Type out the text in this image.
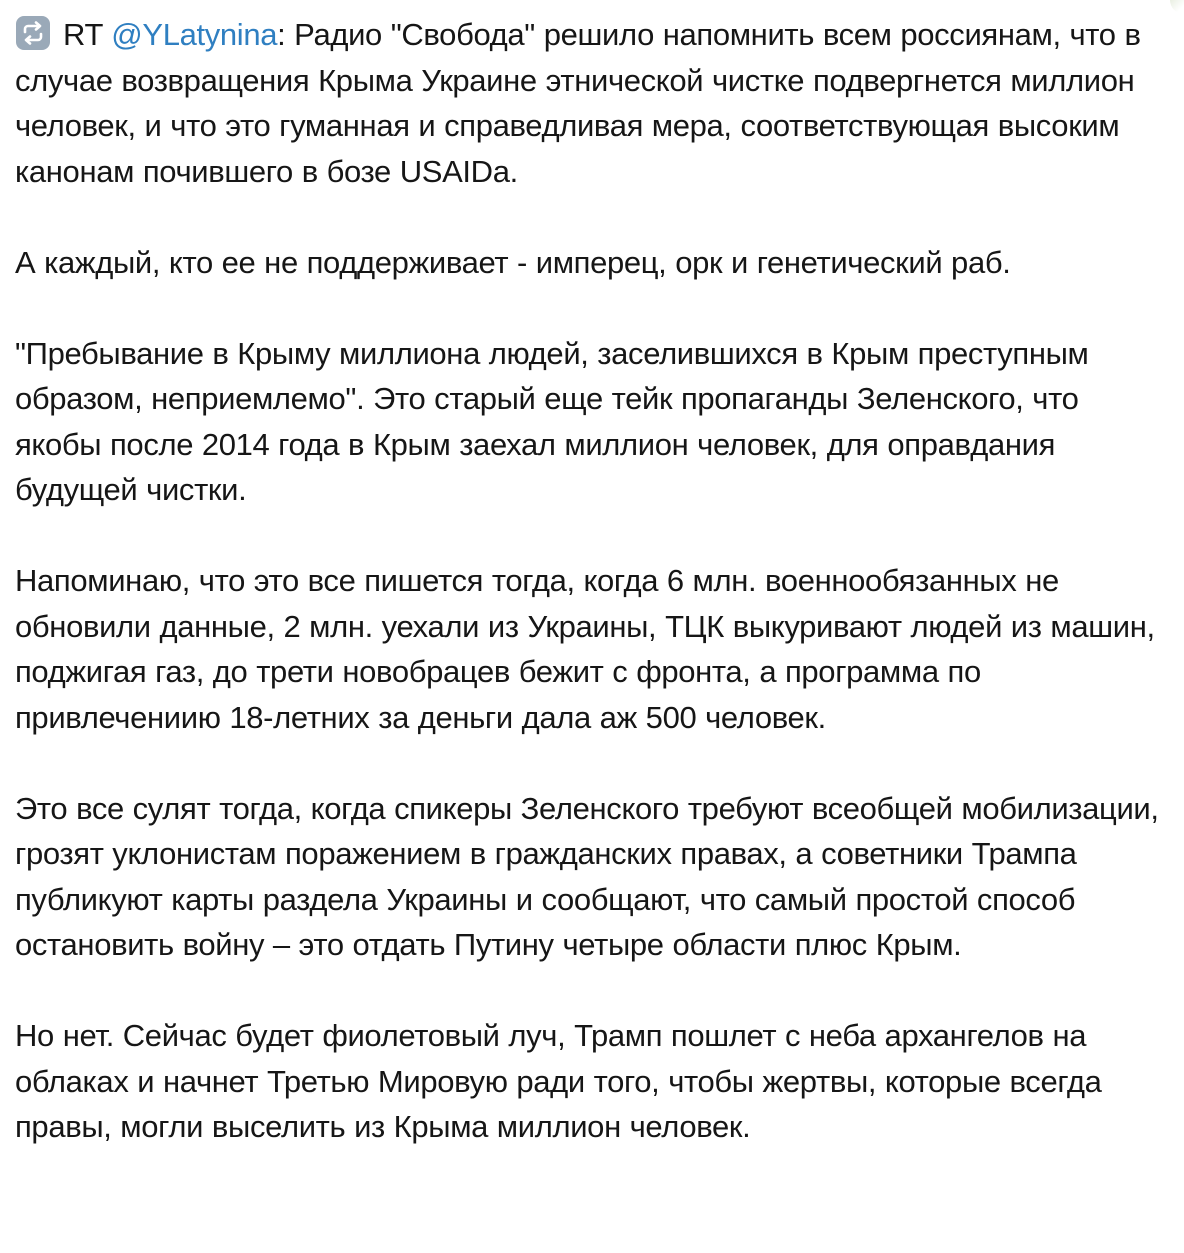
RT @YLatynina: Радио "Свобода" решило напомнить всем россиянам, что в случае возвращения Крыма Украине этнической чистке подвергнется миллион человек, и что это гуманная и справедливая мера, соответствующая высоким канонам почившего в бозе USAIDа.

А каждый, кто ее не поддерживает - имперец, орк и генетический раб.

"Пребывание в Крыму миллиона людей, заселившихся в Крым преступным образом, неприемлемо". Это старый еще тейк пропаганды Зеленского, что якобы после 2014 года в Крым заехал миллион человек, для оправдания будущей чистки.

Напоминаю, что это все пишется тогда, когда 6 млн. военнообязанных не обновили данные, 2 млн. уехали из Украины, ТЦК выкуривают людей из машин, поджигая газ, до трети новобрацев бежит с фронта, а программа по привлечениию 18-летних за деньги дала аж 500 человек.

Это все сулят тогда, когда спикеры Зеленского требуют всеобщей мобилизации, грозят уклонистам поражением в гражданских правах, а советники Трампа публикуют карты раздела Украины и сообщают, что самый простой способ остановить войну – это отдать Путину четыре области плюс Крым.

Но нет. Сейчас будет фиолетовый луч, Трамп пошлет с неба архангелов на облаках и начнет Третью Мировую ради того, чтобы жертвы, которые всегда правы, могли выселить из Крыма миллион человек.
